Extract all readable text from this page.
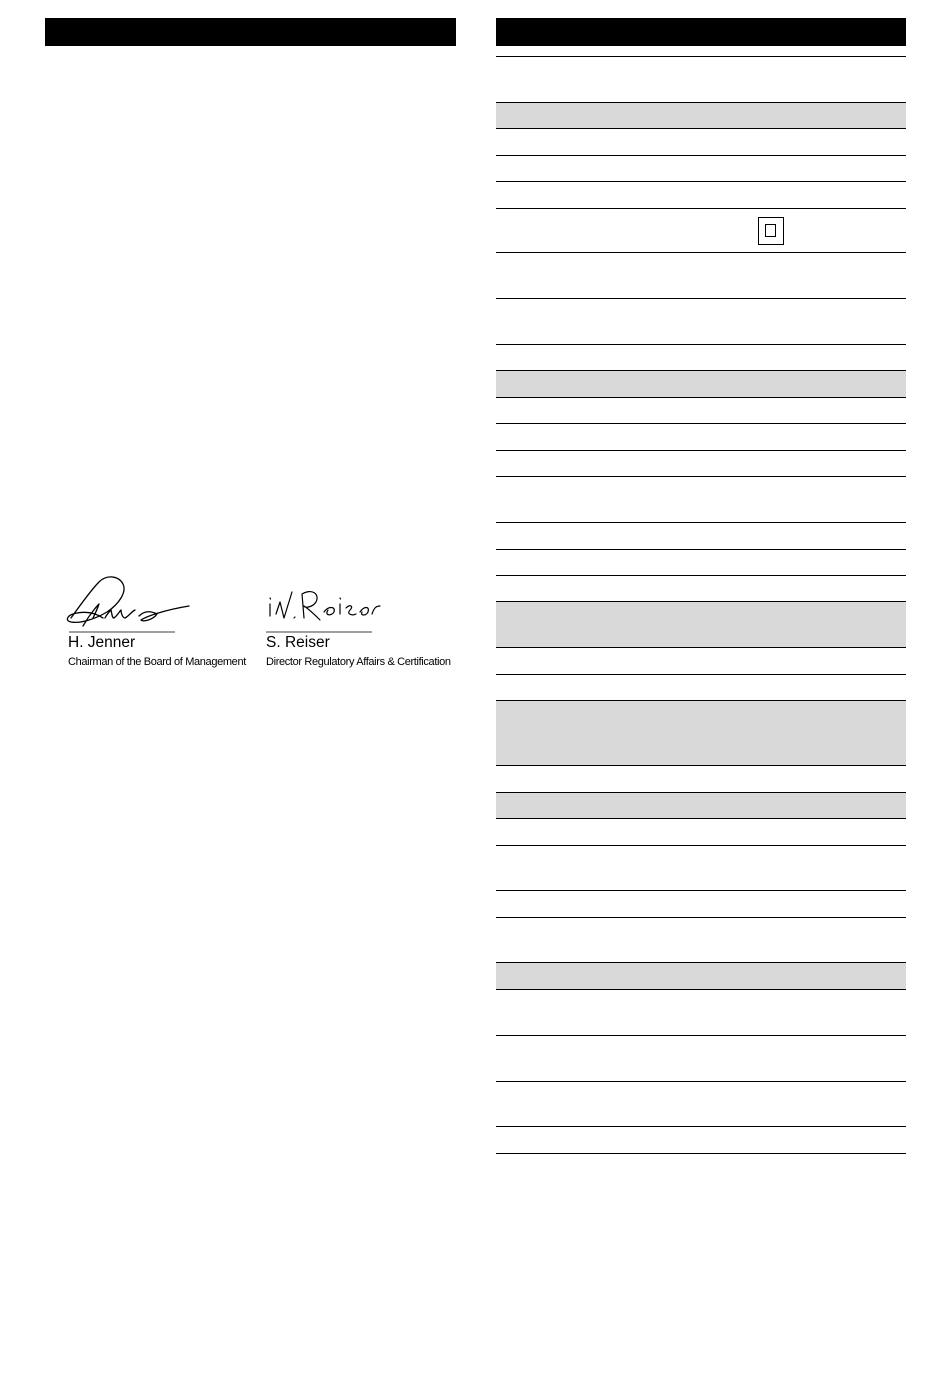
H. Jenner
Chairman of the Board of Management
S. Reiser
Director Regulatory Affairs & Certification
